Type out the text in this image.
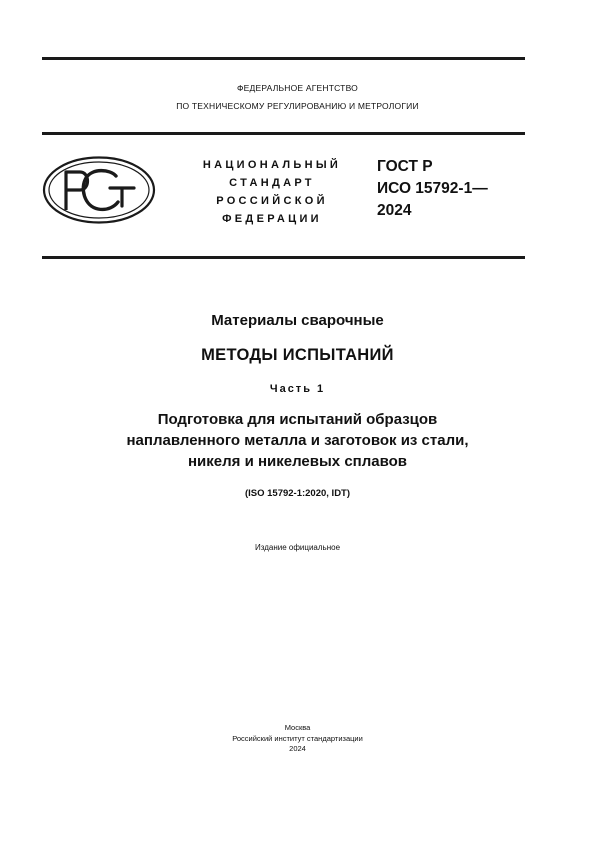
ФЕДЕРАЛЬНОЕ АГЕНТСТВО
ПО ТЕХНИЧЕСКОМУ РЕГУЛИРОВАНИЮ И МЕТРОЛОГИИ
НАЦИОНАЛЬНЫЙ
СТАНДАРТ
РОССИЙСКОЙ
ФЕДЕРАЦИИ
ГОСТ Р
ИСО 15792-1—
2024
Материалы сварочные
МЕТОДЫ ИСПЫТАНИЙ
Часть 1
Подготовка для испытаний образцов
наплавленного металла и заготовок из стали,
никеля и никелевых сплавов
(ISO 15792-1:2020, IDT)
Издание официальное
Москва
Российский институт стандартизации
2024
